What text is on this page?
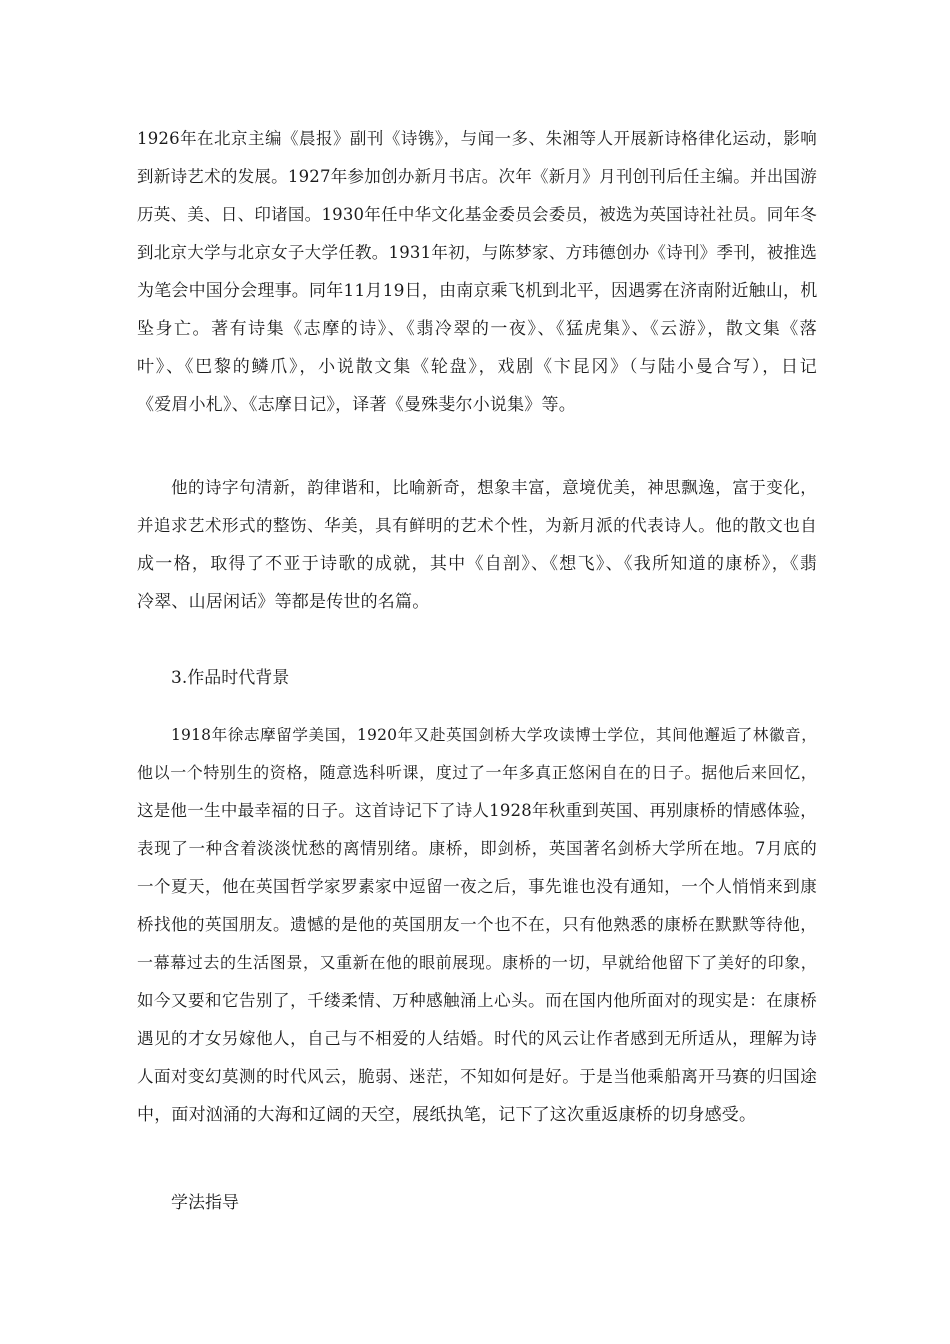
1926年在北京主编《晨报》副刊《诗镌》，与闻一多、朱湘等人开展新诗格律化运动，影响
到新诗艺术的发展。1927年参加创办新月书店。次年《新月》月刊创刊后任主编。并出国游
历英、美、日、印诸国。1930年任中华文化基金委员会委员，被选为英国诗社社员。同年冬
到北京大学与北京女子大学任教。1931年初，与陈梦家、方玮德创办《诗刊》季刊，被推选
为笔会中国分会理事。同年11月19日，由南京乘飞机到北平，因遇雾在济南附近触山，机
坠身亡。著有诗集《志摩的诗》、《翡冷翠的一夜》、《猛虎集》、《云游》，散文集《落
叶》、《巴黎的鳞爪》，小说散文集《轮盘》，戏剧《卞昆冈》（与陆小曼合写），日记
《爱眉小札》、《志摩日记》，译著《曼殊斐尔小说集》等。
他的诗字句清新，韵律谐和，比喻新奇，想象丰富，意境优美，神思飘逸，富于变化，
并追求艺术形式的整饬、华美，具有鲜明的艺术个性，为新月派的代表诗人。他的散文也自
成一格，取得了不亚于诗歌的成就，其中《自剖》、《想飞》、《我所知道的康桥》，《翡
冷翠、山居闲话》等都是传世的名篇。
3.作品时代背景
1918年徐志摩留学美国，1920年又赴英国剑桥大学攻读博士学位，其间他邂逅了林徽音，
他以一个特别生的资格，随意选科听课，度过了一年多真正悠闲自在的日子。据他后来回忆，
这是他一生中最幸福的日子。这首诗记下了诗人1928年秋重到英国、再别康桥的情感体验，
表现了一种含着淡淡忧愁的离情别绪。康桥，即剑桥，英国著名剑桥大学所在地。7月底的
一个夏天，他在英国哲学家罗素家中逗留一夜之后，事先谁也没有通知，一个人悄悄来到康
桥找他的英国朋友。遗憾的是他的英国朋友一个也不在，只有他熟悉的康桥在默默等待他，
一幕幕过去的生活图景，又重新在他的眼前展现。康桥的一切，早就给他留下了美好的印象，
如今又要和它告别了，千缕柔情、万种感触涌上心头。而在国内他所面对的现实是：在康桥
遇见的才女另嫁他人，自己与不相爱的人结婚。时代的风云让作者感到无所适从，理解为诗
人面对变幻莫测的时代风云，脆弱、迷茫，不知如何是好。于是当他乘船离开马赛的归国途
中，面对汹涌的大海和辽阔的天空，展纸执笔，记下了这次重返康桥的切身感受。
学法指导
